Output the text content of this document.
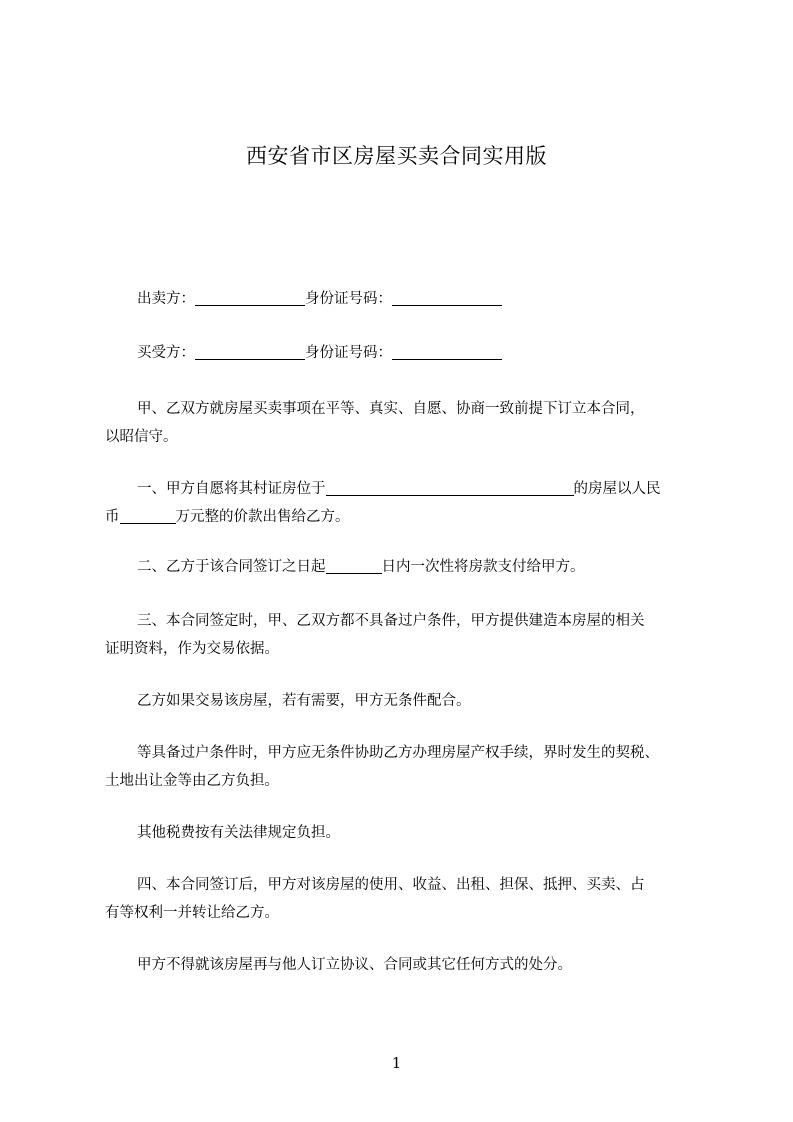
西安省市区房屋买卖合同实用版
出卖方：	身份证号码：
买受方：	身份证号码：
甲、乙双方就房屋买卖事项在平等、真实、自愿、协商一致前提下订立本合同，
以昭信守。
一、甲方自愿将其村证房位于	的房屋以人民
币	万元整的价款出售给乙方。
二、乙方于该合同签订之日起	日内一次性将房款支付给甲方。
三、本合同签定时，甲、乙双方都不具备过户条件，甲方提供建造本房屋的相关
证明资料，作为交易依据。
乙方如果交易该房屋，若有需要，甲方无条件配合。
等具备过户条件时，甲方应无条件协助乙方办理房屋产权手续，界时发生的契税、
土地出让金等由乙方负担。
其他税费按有关法律规定负担。
四、本合同签订后，甲方对该房屋的使用、收益、出租、担保、抵押、买卖、占
有等权利一并转让给乙方。
甲方不得就该房屋再与他人订立协议、合同或其它任何方式的处分。
1
